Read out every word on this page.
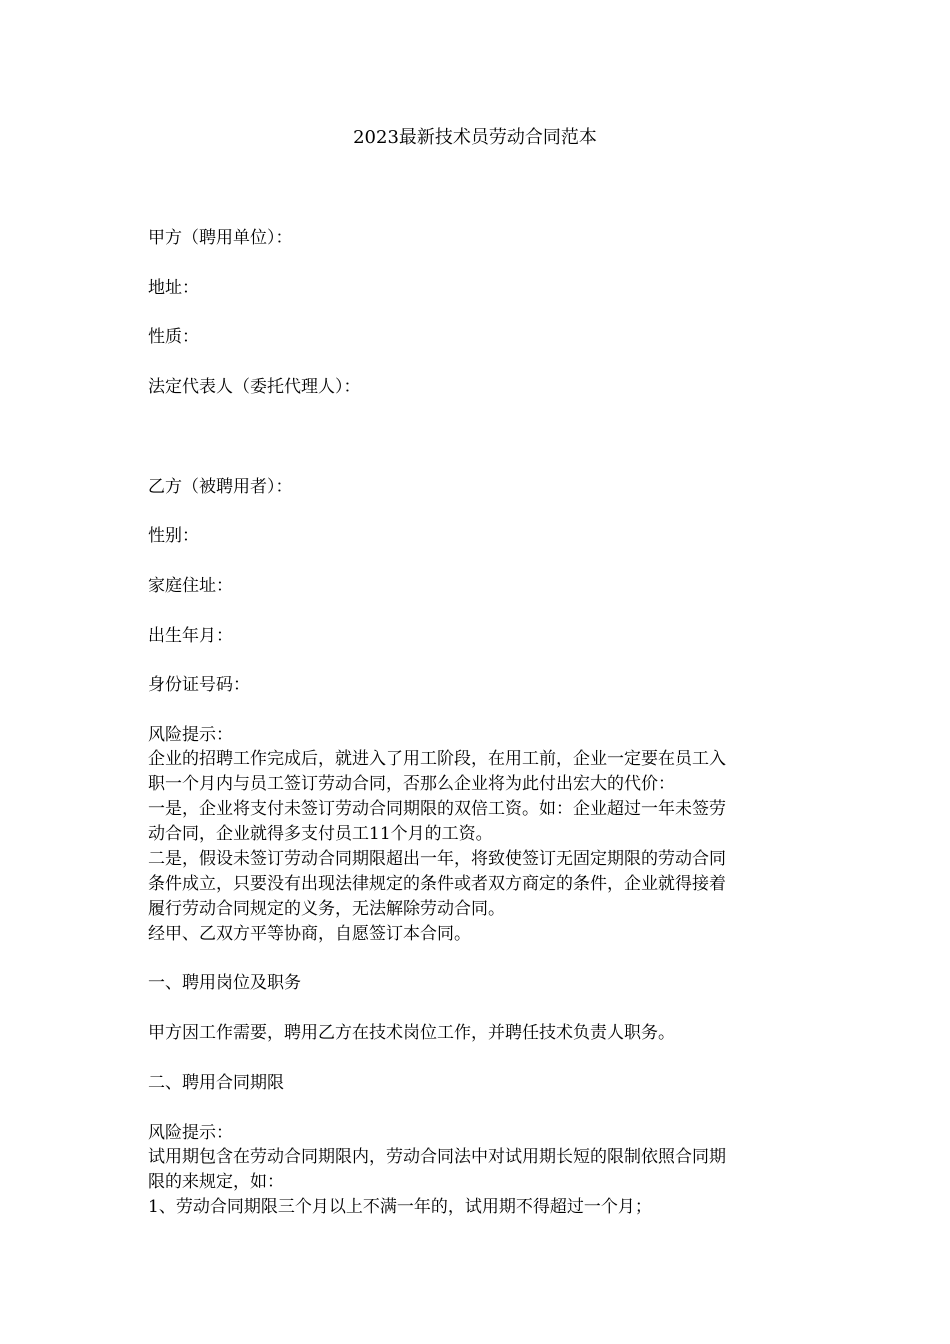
2023最新技术员劳动合同范本
甲方（聘用单位）：
地址：
性质：
法定代表人（委托代理人）：
乙方（被聘用者）：
性别：
家庭住址：
出生年月：
身份证号码：
风险提示：
企业的招聘工作完成后，就进入了用工阶段，在用工前，企业一定要在员工入
职一个月内与员工签订劳动合同，否那么企业将为此付出宏大的代价：
一是，企业将支付未签订劳动合同期限的双倍工资。如：企业超过一年未签劳
动合同，企业就得多支付员工11个月的工资。
二是，假设未签订劳动合同期限超出一年，将致使签订无固定期限的劳动合同
条件成立，只要没有出现法律规定的条件或者双方商定的条件，企业就得接着
履行劳动合同规定的义务，无法解除劳动合同。
经甲、乙双方平等协商，自愿签订本合同。
一、聘用岗位及职务
甲方因工作需要，聘用乙方在技术岗位工作，并聘任技术负责人职务。
二、聘用合同期限
风险提示：
试用期包含在劳动合同期限内，劳动合同法中对试用期长短的限制依照合同期
限的来规定，如：
1、劳动合同期限三个月以上不满一年的，试用期不得超过一个月；
